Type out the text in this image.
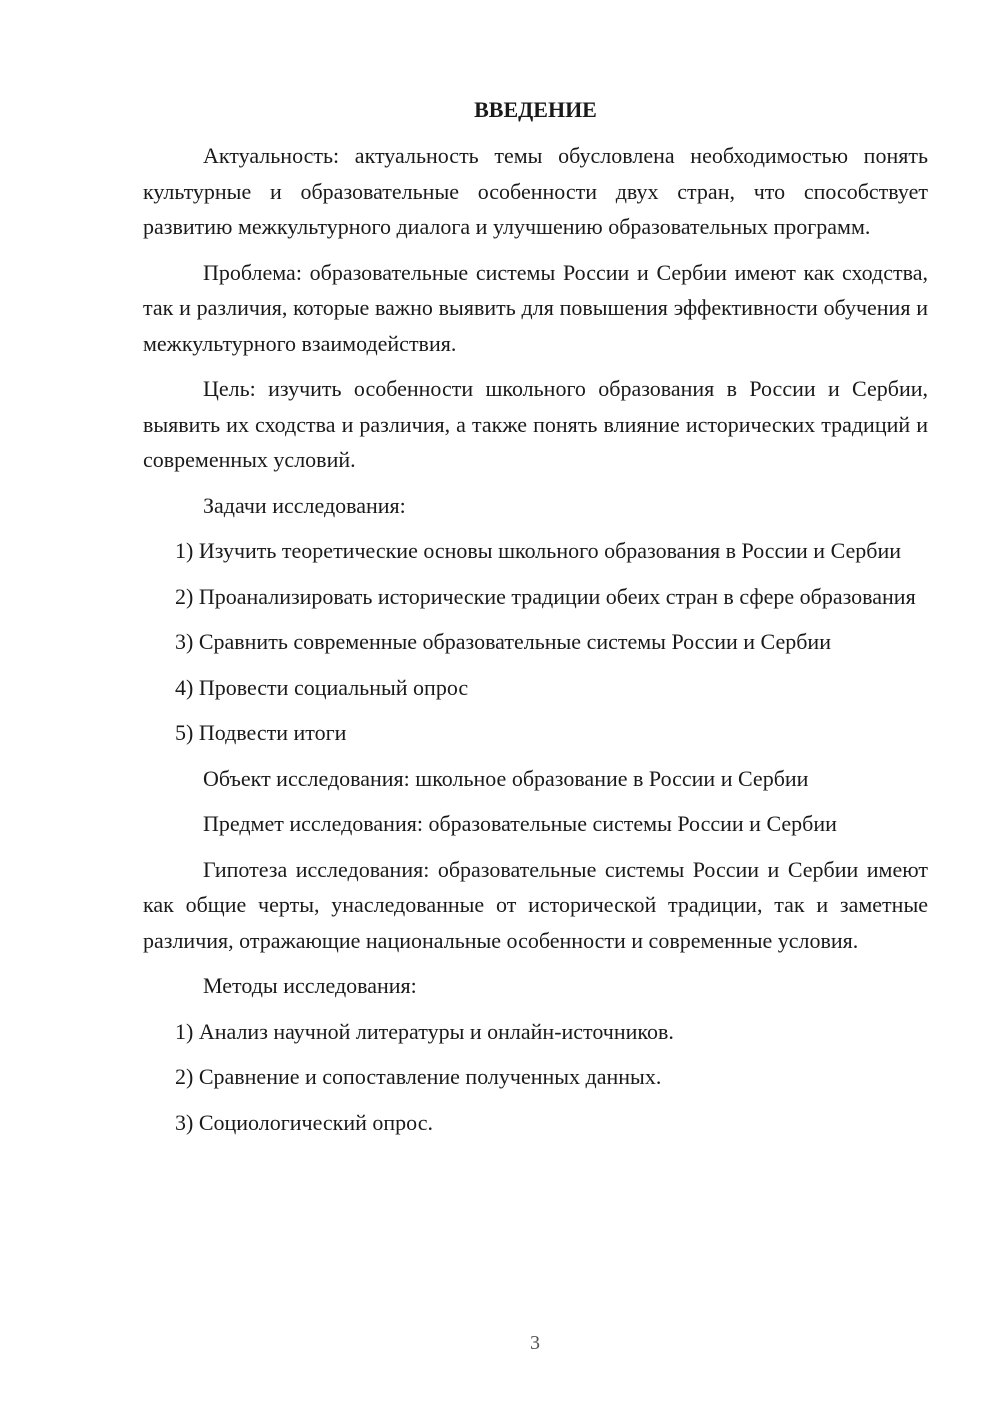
ВВЕДЕНИЕ

Актуальность: актуальность темы обусловлена необходимостью понять культурные и образовательные особенности двух стран, что способствует развитию межкультурного диалога и улучшению образовательных программ.

Проблема: образовательные системы России и Сербии имеют как сходства, так и различия, которые важно выявить для повышения эффективности обучения и межкультурного взаимодействия.

Цель: изучить особенности школьного образования в России и Сербии, выявить их сходства и различия, а также понять влияние исторических традиций и современных условий.

Задачи исследования:

1) Изучить теоретические основы школьного образования в России и Сербии

2) Проанализировать исторические традиции обеих стран в сфере образования

3) Сравнить современные образовательные системы России и Сербии

4) Провести социальный опрос

5) Подвести итоги

Объект исследования: школьное образование в России и Сербии

Предмет исследования: образовательные системы России и Сербии

Гипотеза исследования: образовательные системы России и Сербии имеют как общие черты, унаследованные от исторической традиции, так и заметные различия, отражающие национальные особенности и современные условия.

Методы исследования:

1) Анализ научной литературы и онлайн-источников.

2) Сравнение и сопоставление полученных данных.

3) Социологический опрос.

3
